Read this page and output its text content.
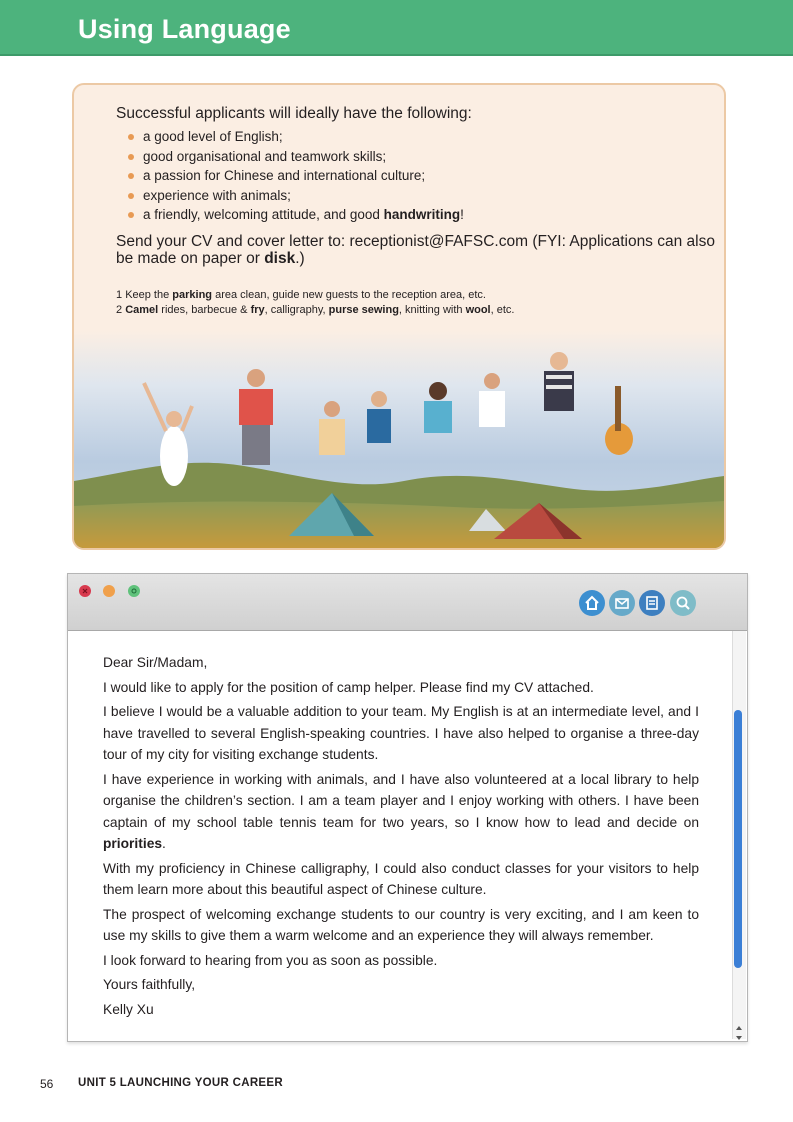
Using Language
Successful applicants will ideally have the following:
a good level of English;
good organisational and teamwork skills;
a passion for Chinese and international culture;
experience with animals;
a friendly, welcoming attitude, and good handwriting!
Send your CV and cover letter to: receptionist@FAFSC.com (FYI: Applications can also be made on paper or disk.)
1 Keep the parking area clean, guide new guests to the reception area, etc.
2 Camel rides, barbecue & fry, calligraphy, purse sewing, knitting with wool, etc.

Dear Sir/Madam,

I would like to apply for the position of camp helper. Please find my CV attached.

I believe I would be a valuable addition to your team. My English is at an intermediate level, and I have travelled to several English-speaking countries. I have also helped to organise a three-day tour of my city for visiting exchange students.

I have experience in working with animals, and I have also volunteered at a local library to help organise the children’s section. I am a team player and I enjoy working with others. I have been captain of my school table tennis team for two years, so I know how to lead and decide on priorities.

With my proficiency in Chinese calligraphy, I could also conduct classes for your visitors to help them learn more about this beautiful aspect of Chinese culture.

The prospect of welcoming exchange students to our country is very exciting, and I am keen to use my skills to give them a warm welcome and an experience they will always remember.

I look forward to hearing from you as soon as possible.

Yours faithfully,

Kelly Xu

56 UNIT 5 LAUNCHING YOUR CAREER
